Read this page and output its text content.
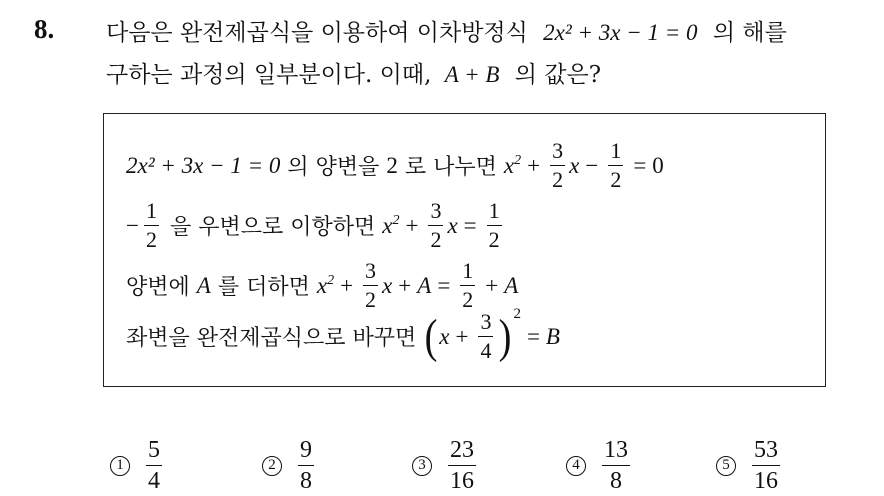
8. 다음은 완전제곱식을 이용하여 이차방정식 2x² + 3x − 1 = 0 의 해를
구하는 과정의 일부분이다. 이때, A + B 의 값은?
2x² + 3x − 1 = 0 의 양변을 2 로 나누면 $x^2 + \frac{3}{2}$ $x - \frac{1}{2} = 0$
− $\frac{1}{2}$ 을 우변으로 이항하면 $x^2 + \frac{3}{2}$ $x = \frac{1}{2}$
양변에 A 를 더하면 $x^2 + \frac{3}{2}$ $x + A = \frac{1}{2} + A$
좌변을 완전제곱식으로 바꾸면 ( $x + \frac{3}{4}$ ) 2
= B
$1 \frac{5}{4}$	$2 \frac{9}{8}$	$3 \frac{23}{16}$	$4 \frac{13}{8}$	$5 \frac{53}{16}$
